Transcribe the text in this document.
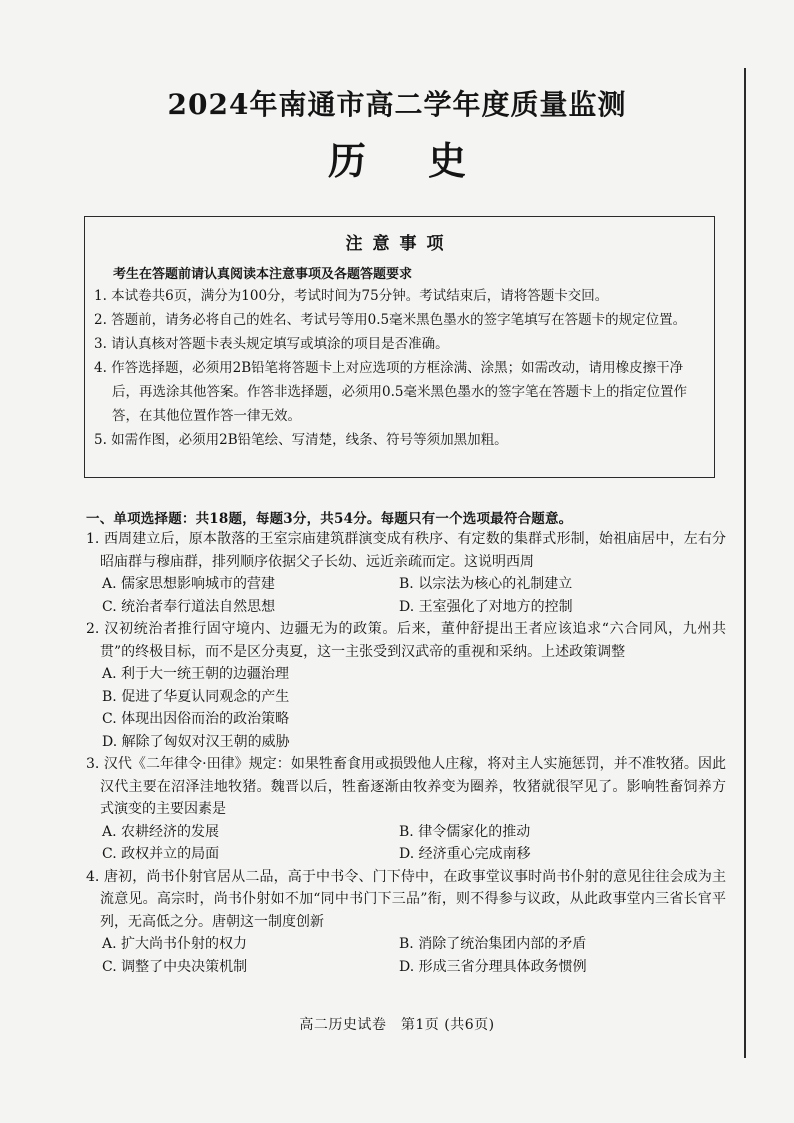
2024年南通市高二学年度质量监测
历史
注意事项
考生在答题前请认真阅读本注意事项及各题答题要求
1. 本试卷共6页，满分为100分，考试时间为75分钟。考试结束后，请将答题卡交回。
2. 答题前，请务必将自己的姓名、考试号等用0.5毫米黑色墨水的签字笔填写在答题卡的规定位置。
3. 请认真核对答题卡表头规定填写或填涂的项目是否准确。
4. 作答选择题，必须用2B铅笔将答题卡上对应选项的方框涂满、涂黑；如需改动，请用橡皮擦干净后，再选涂其他答案。作答非选择题，必须用0.5毫米黑色墨水的签字笔在答题卡上的指定位置作答，在其他位置作答一律无效。
5. 如需作图，必须用2B铅笔绘、写清楚，线条、符号等须加黑加粗。
一、单项选择题：共18题，每题3分，共54分。每题只有一个选项最符合题意。
1. 西周建立后，原本散落的王室宗庙建筑群演变成有秩序、有定数的集群式形制，始祖庙居中，左右分昭庙群与穆庙群，排列顺序依据父子长幼、远近亲疏而定。这说明西周
A. 儒家思想影响城市的营建	B. 以宗法为核心的礼制建立
C. 统治者奉行道法自然思想	D. 王室强化了对地方的控制
2. 汉初统治者推行固守境内、边疆无为的政策。后来，董仲舒提出王者应该追求“六合同风，九州共贯”的终极目标，而不是区分夷夏，这一主张受到汉武帝的重视和采纳。上述政策调整
A. 利于大一统王朝的边疆治理
B. 促进了华夏认同观念的产生
C. 体现出因俗而治的政治策略
D. 解除了匈奴对汉王朝的威胁
3. 汉代《二年律令·田律》规定：如果牲畜食用或损毁他人庄稼，将对主人实施惩罚，并不准牧猪。因此汉代主要在沼泽洼地牧猪。魏晋以后，牲畜逐渐由牧养变为圈养，牧猪就很罕见了。影响牲畜饲养方式演变的主要因素是
A. 农耕经济的发展	B. 律令儒家化的推动
C. 政权并立的局面	D. 经济重心完成南移
4. 唐初，尚书仆射官居从二品，高于中书令、门下侍中，在政事堂议事时尚书仆射的意见往往会成为主流意见。高宗时，尚书仆射如不加“同中书门下三品”衔，则不得参与议政，从此政事堂内三省长官平列，无高低之分。唐朝这一制度创新
A. 扩大尚书仆射的权力	B. 消除了统治集团内部的矛盾
C. 调整了中央决策机制	D. 形成三省分理具体政务惯例
高二历史试卷　第1页 (共6页)
